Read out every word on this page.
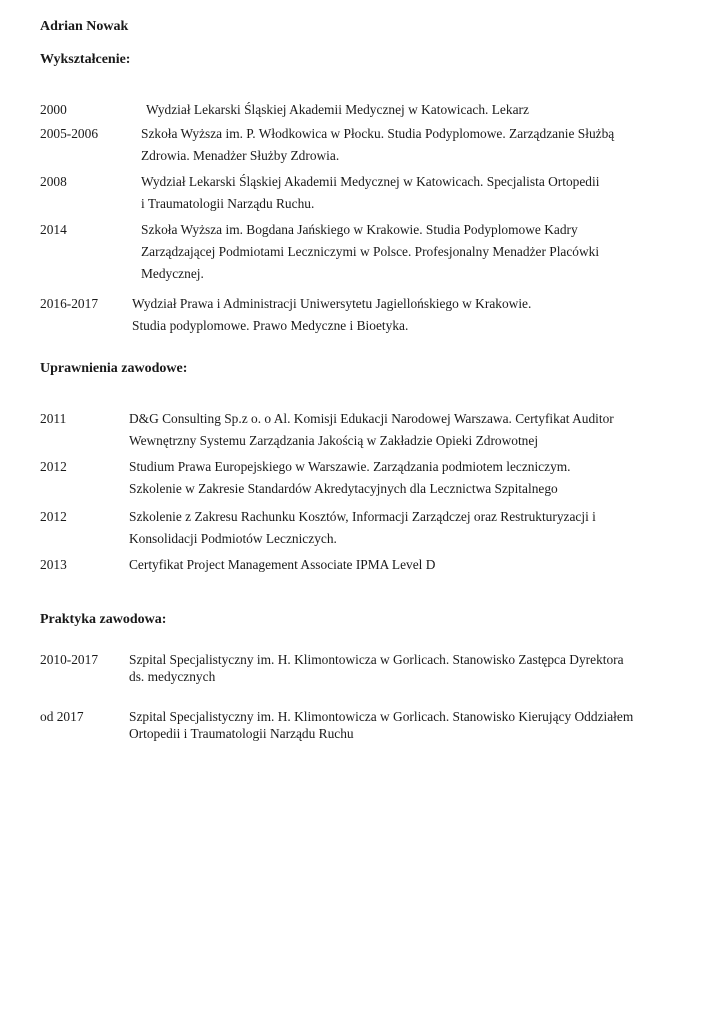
Adrian Nowak
Wykształcenie:
2000	Wydział Lekarski Śląskiej Akademii Medycznej w Katowicach. Lekarz
2005-2006	Szkoła Wyższa im. P. Włodkowica w Płocku. Studia Podyplomowe. Zarządzanie Służbą
Zdrowia. Menadżer Służby Zdrowia.
2008	Wydział Lekarski Śląskiej Akademii Medycznej w Katowicach. Specjalista Ortopedii
i Traumatologii Narządu Ruchu.
2014	Szkoła Wyższa im. Bogdana Jańskiego w Krakowie. Studia Podyplomowe Kadry
Zarządzającej Podmiotami Leczniczymi w Polsce. Profesjonalny Menadżer Placówki
Medycznej.
2016-2017	Wydział Prawa i Administracji Uniwersytetu Jagiellońskiego w Krakowie.
Studia podyplomowe. Prawo Medyczne i Bioetyka.
Uprawnienia zawodowe:
2011	D&G Consulting Sp.z o. o Al. Komisji Edukacji Narodowej Warszawa. Certyfikat Auditor
Wewnętrzny Systemu Zarządzania Jakością w Zakładzie Opieki Zdrowotnej
2012	Studium Prawa Europejskiego w Warszawie. Zarządzania podmiotem leczniczym.
Szkolenie w Zakresie Standardów Akredytacyjnych dla Lecznictwa Szpitalnego
2012	Szkolenie z Zakresu Rachunku Kosztów, Informacji Zarządczej oraz Restrukturyzacji i
Konsolidacji Podmiotów Leczniczych.
2013	Certyfikat Project Management Associate IPMA Level D
Praktyka zawodowa:
2010-2017 Szpital Specjalistyczny im. H. Klimontowicza w Gorlicach. Stanowisko Zastępca Dyrektora
ds. medycznych
od 2017	Szpital Specjalistyczny im. H. Klimontowicza w Gorlicach. Stanowisko Kierujący Oddziałem
Ortopedii i Traumatologii Narządu Ruchu
